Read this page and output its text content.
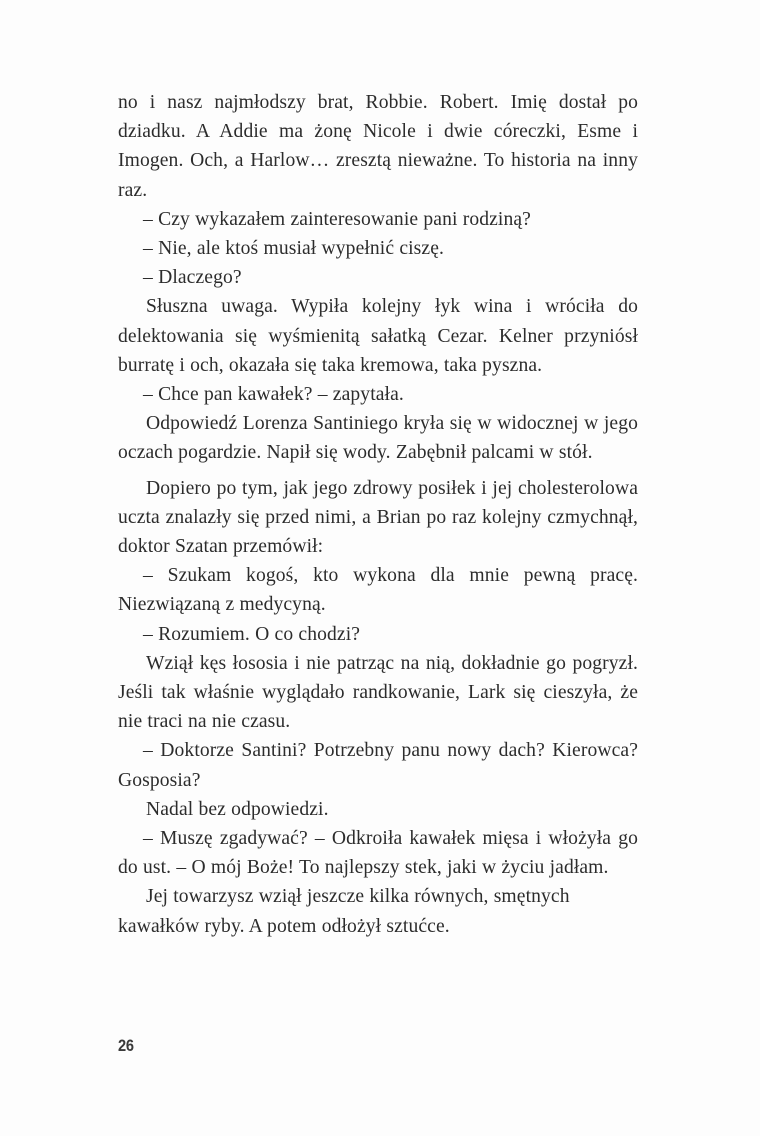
no i nasz najmłodszy brat, Robbie. Robert. Imię dostał po dziadku. A Addie ma żonę Nicole i dwie córeczki, Esme i Imogen. Och, a Harlow… zresztą nieważne. To historia na inny raz.

– Czy wykazałem zainteresowanie pani rodziną?

– Nie, ale ktoś musiał wypełnić ciszę.

– Dlaczego?

Słuszna uwaga. Wypiła kolejny łyk wina i wróciła do delektowania się wyśmienitą sałatką Cezar. Kelner przyniósł burratę i och, okazała się taka kremowa, taka pyszna.

– Chce pan kawałek? – zapytała.

Odpowiedź Lorenza Santiniego kryła się w widocznej w jego oczach pogardzie. Napił się wody. Zabębnił palcami w stół.

Dopiero po tym, jak jego zdrowy posiłek i jej cholesterolowa uczta znalazły się przed nimi, a Brian po raz kolejny czmychnął, doktor Szatan przemówił:

– Szukam kogoś, kto wykona dla mnie pewną pracę. Niezwiązaną z medycyną.

– Rozumiem. O co chodzi?

Wziął kęs łososia i nie patrząc na nią, dokładnie go pogryzł. Jeśli tak właśnie wyglądało randkowanie, Lark się cieszyła, że nie traci na nie czasu.

– Doktorze Santini? Potrzebny panu nowy dach? Kierowca? Gosposia?

Nadal bez odpowiedzi.

– Muszę zgadywać? – Odkroiła kawałek mięsa i włożyła go do ust. – O mój Boże! To najlepszy stek, jaki w życiu jadłam.

Jej towarzysz wziął jeszcze kilka równych, smętnych kawałków ryby. A potem odłożył sztućce.

26
